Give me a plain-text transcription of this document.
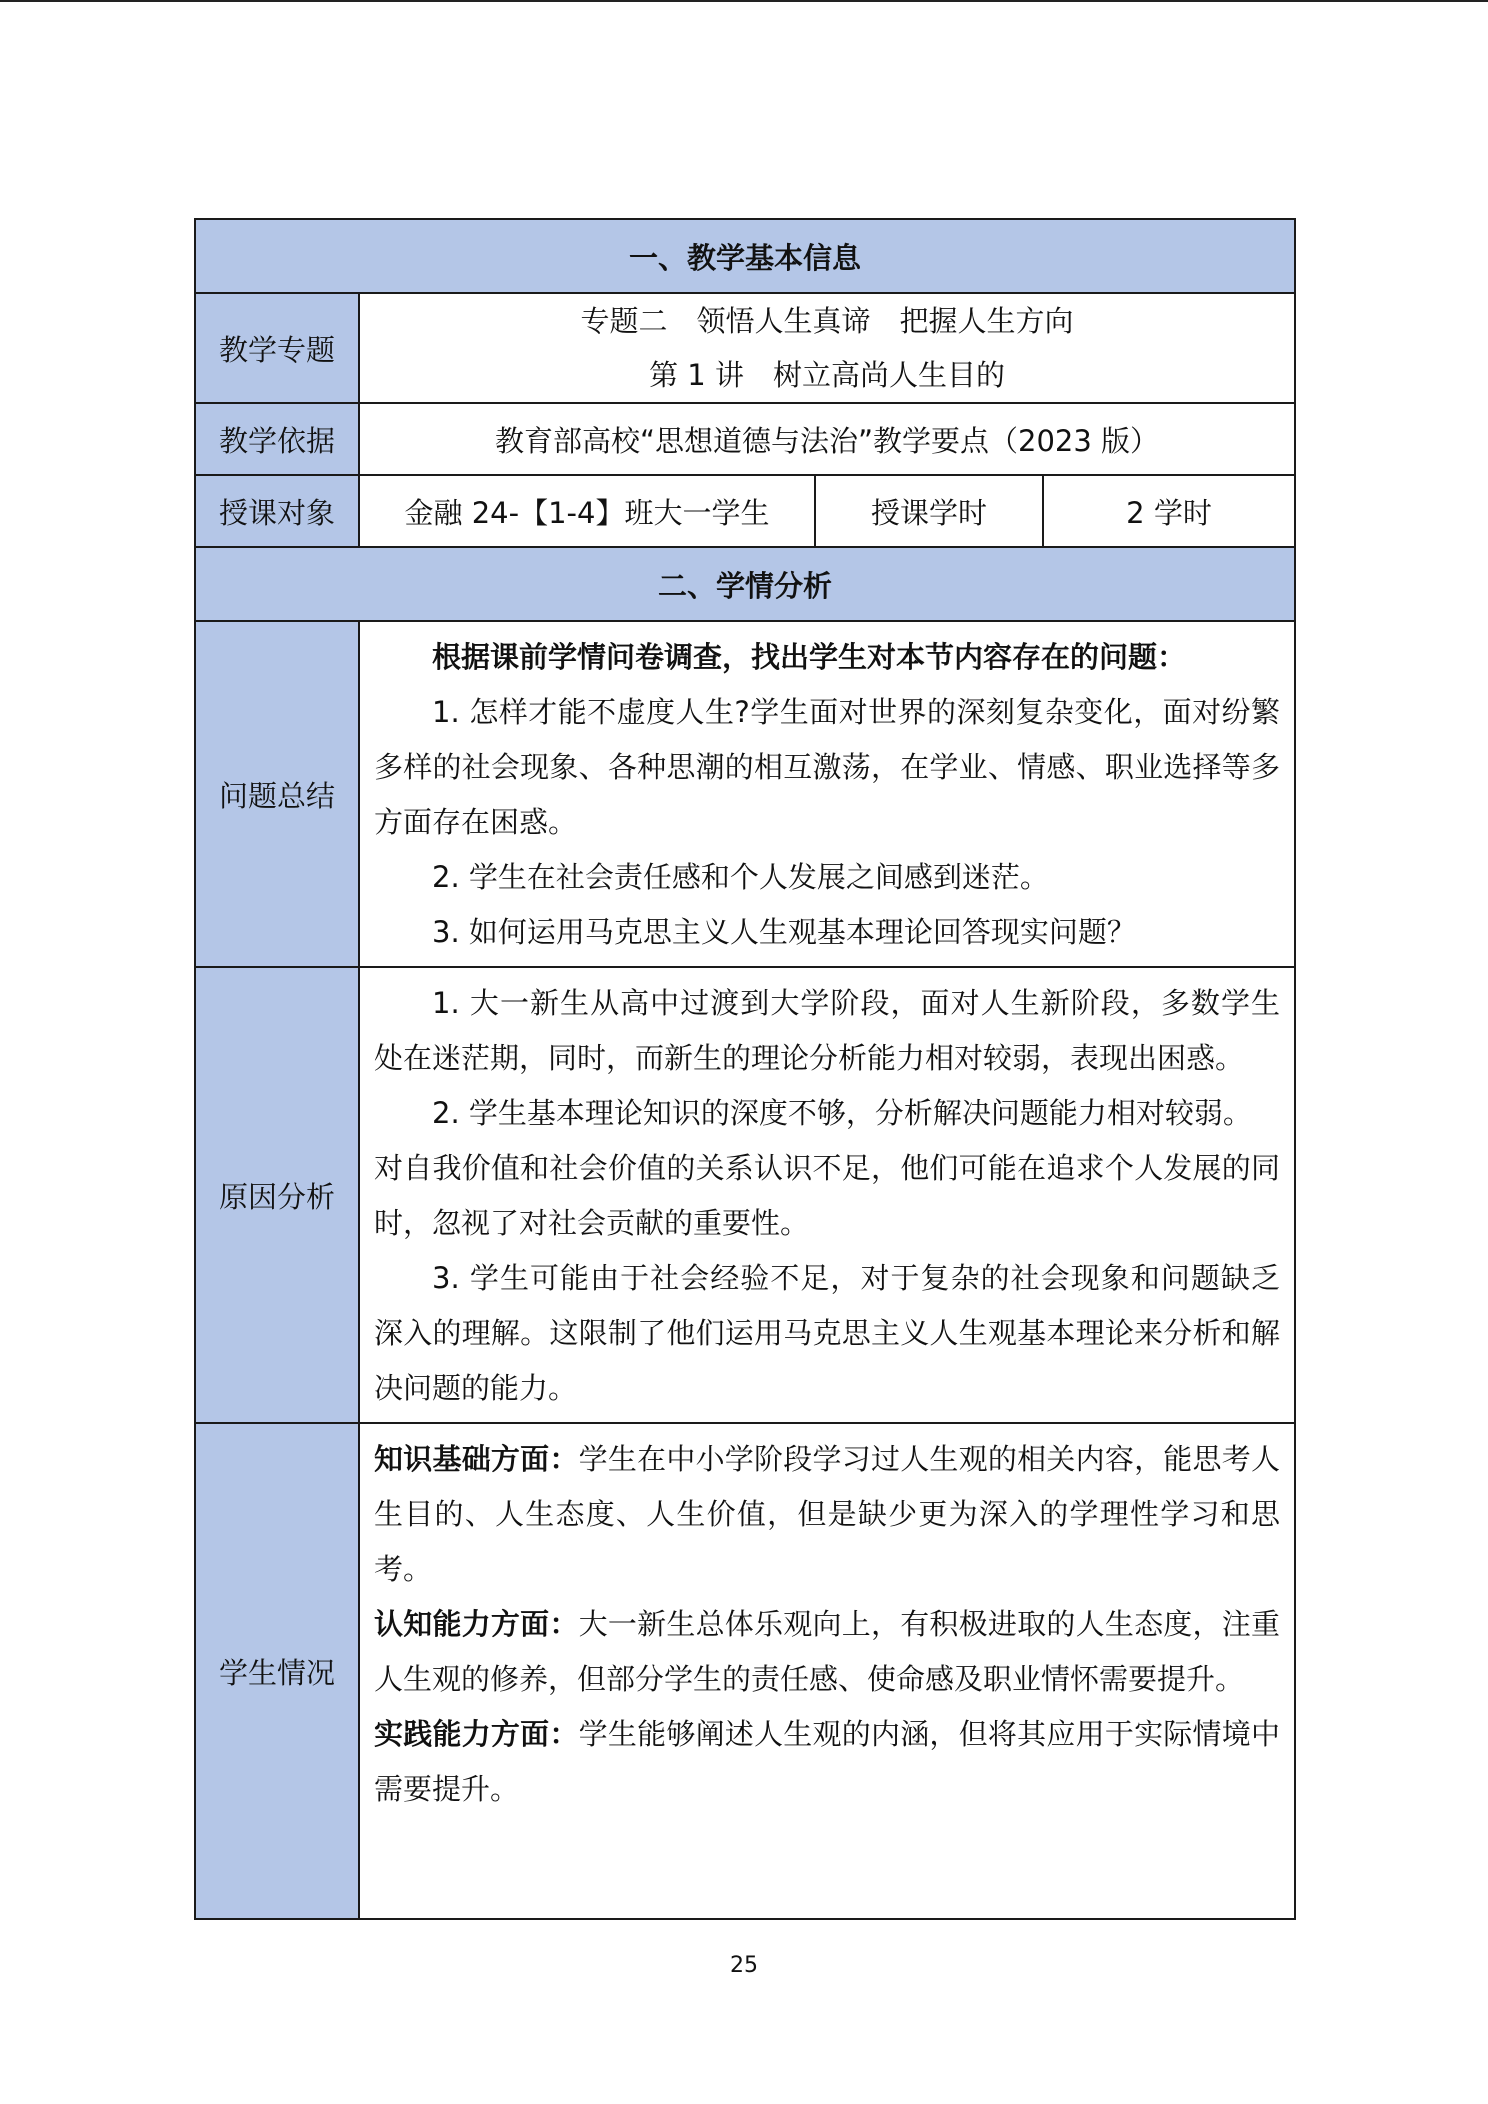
一、教学基本信息			
教学专题	专题二　领悟人生真谛　把握人生方向
第 1 讲　树立高尚人生目的		

教学依据	教育部高校“思想道德与法治”教学要点（2023 版）		
授课对象	金融 24-【1-4】班大一学生	授课学时	2 学时
二、学情分析			
问题总结	根据课前学情问卷调查，找出学生对本节内容存在的问题：

1. 怎样才能不虚度人生?学生面对世界的深刻复杂变化，面对纷繁多样的社会现象、各种思潮的相互激荡，在学业、情感、职业选择等多方面存在困惑。

2. 学生在社会责任感和个人发展之间感到迷茫。

3. 如何运用马克思主义人生观基本理论回答现实问题？		

原因分析	1. 大一新生从高中过渡到大学阶段，面对人生新阶段，多数学生处在迷茫期，同时，而新生的理论分析能力相对较弱，表现出困惑。

2. 学生基本理论知识的深度不够，分析解决问题能力相对较弱。

对自我价值和社会价值的关系认识不足，他们可能在追求个人发展的同时，忽视了对社会贡献的重要性。

3. 学生可能由于社会经验不足，对于复杂的社会现象和问题缺乏深入的理解。这限制了他们运用马克思主义人生观基本理论来分析和解决问题的能力。		

学生情况	知识基础方面：学生在中小学阶段学习过人生观的相关内容，能思考人生目的、人生态度、人生价值，但是缺少更为深入的学理性学习和思考。

认知能力方面：大一新生总体乐观向上，有积极进取的人生态度，注重人生观的修养，但部分学生的责任感、使命感及职业情怀需要提升。

实践能力方面：学生能够阐述人生观的内涵，但将其应用于实际情境中需要提升。		

25
